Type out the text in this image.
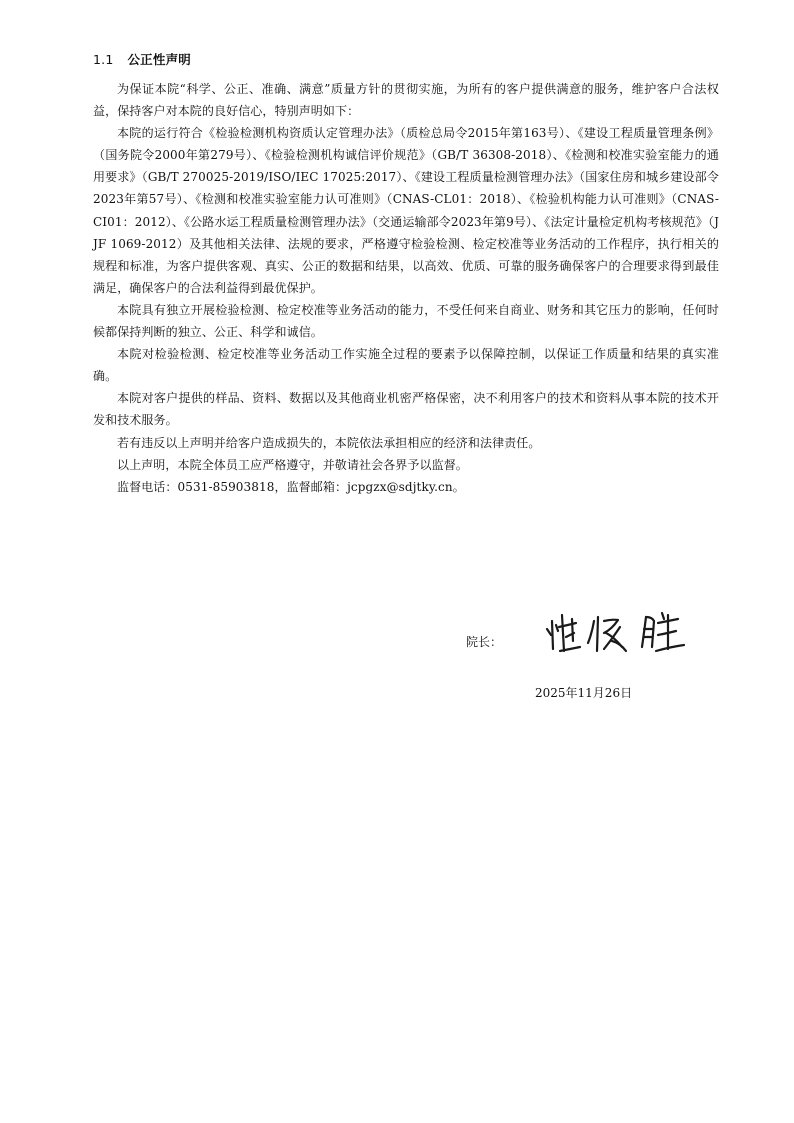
1.1 公正性声明

为保证本院“科学、公正、准确、满意”质量方针的贯彻实施，为所有的客户提供满意的服务，维护客户合法权益，保持客户对本院的良好信心，特别声明如下：

本院的运行符合《检验检测机构资质认定管理办法》（质检总局令2015年第163号）、《建设工程质量管理条例》（国务院令2000年第279号）、《检验检测机构诚信评价规范》（GB/T 36308-2018）、《检测和校准实验室能力的通用要求》（GB/T 270025-2019/ISO/IEC 17025:2017）、《建设工程质量检测管理办法》（国家住房和城乡建设部令2023年第57号）、《检测和校准实验室能力认可准则》（CNAS-CL01：2018）、《检验机构能力认可准则》（CNAS-CI01：2012）、《公路水运工程质量检测管理办法》（交通运输部令2023年第9号）、《法定计量检定机构考核规范》（JJF 1069-2012）及其他相关法律、法规的要求，严格遵守检验检测、检定校准等业务活动的工作程序，执行相关的规程和标准，为客户提供客观、真实、公正的数据和结果，以高效、优质、可靠的服务确保客户的合理要求得到最佳满足，确保客户的合法利益得到最优保护。

本院具有独立开展检验检测、检定校准等业务活动的能力，不受任何来自商业、财务和其它压力的影响，任何时候都保持判断的独立、公正、科学和诚信。

本院对检验检测、检定校准等业务活动工作实施全过程的要素予以保障控制，以保证工作质量和结果的真实准确。

本院对客户提供的样品、资料、数据以及其他商业机密严格保密，决不利用客户的技术和资料从事本院的技术开发和技术服务。

若有违反以上声明并给客户造成损失的，本院依法承担相应的经济和法律责任。

以上声明，本院全体员工应严格遵守，并敬请社会各界予以监督。

监督电话：0531-85903818，监督邮箱：jcpgzx@sdjtky.cn。

院长：
2025年11月26日
